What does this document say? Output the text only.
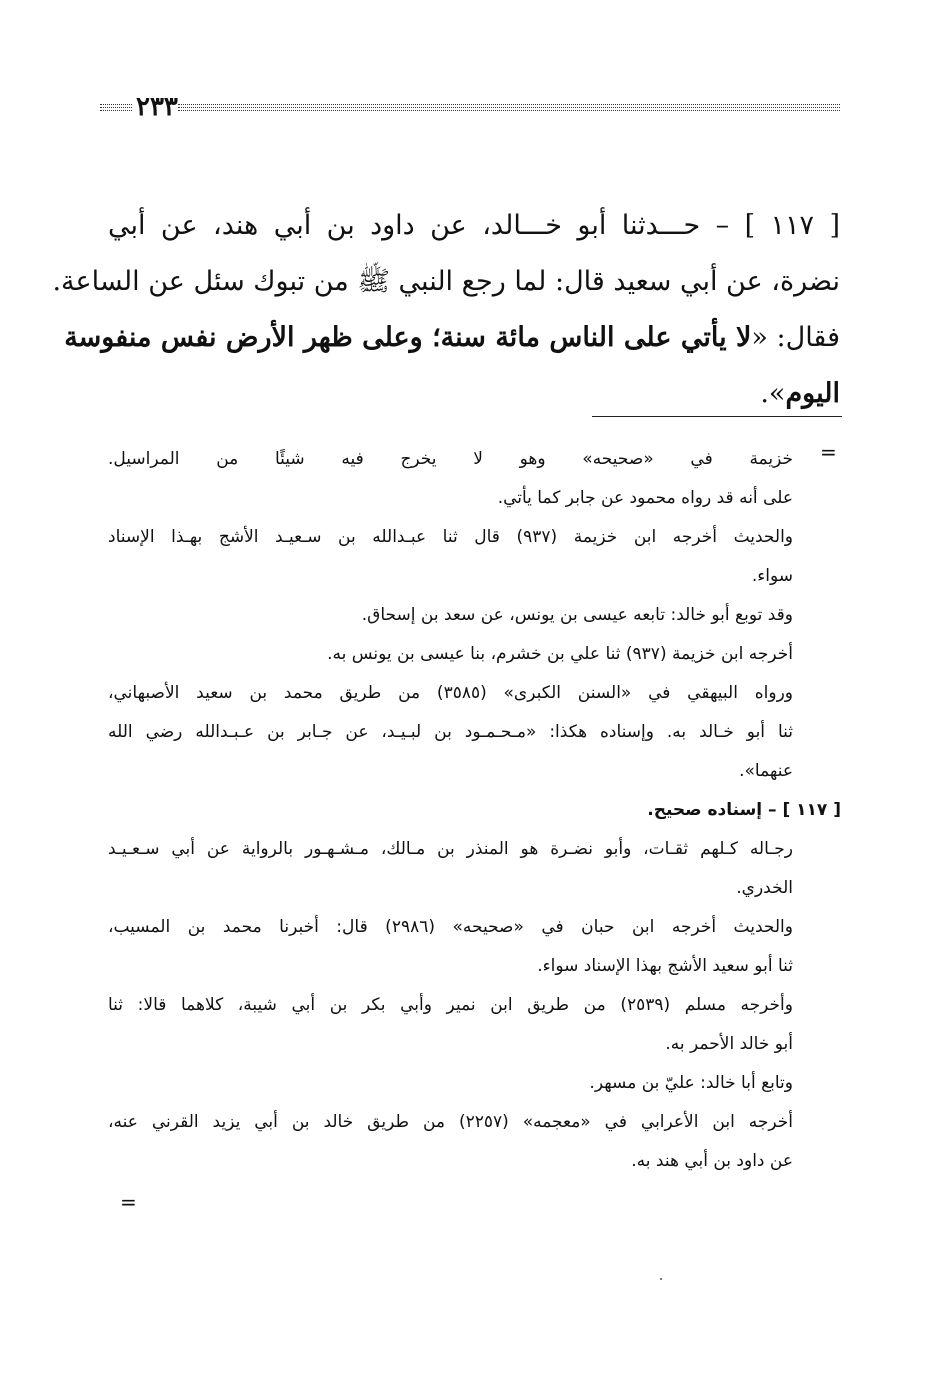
٢٣٣
[ ١١٧ ] – حـــدثنا أبو خـــالد، عن داود بن أبي هند، عن أبي
نضرة، عن أبي سعيد قال: لما رجع النبي ﷺ من تبوك سئل عن الساعة.
فقال: «لا يأتي على الناس مائة سنة؛ وعلى ظهر الأرض نفس منفوسة
اليوم».
=
خزيمة في «صحيحه» وهو لا يخرج فيه شيئًا من المراسيل.
على أنه قد رواه محمود عن جابر كما يأتي.
والحديث أخرجه ابن خزيمة (٩٣٧) قال ثنا عبـدالله بن سـعيـد الأشج بهـذا الإسناد
سواء.
وقد توبع أبو خالد: تابعه عيسى بن يونس، عن سعد بن إسحاق.
أخرجه ابن خزيمة (٩٣٧) ثنا علي بن خشرم، بنا عيسى بن يونس به.
ورواه البيهقي في «السنن الكبرى» (٣٥٨٥) من طريق محمد بن سعيد الأصبهاني،
ثنا أبو خـالد به. وإسناده هكذا: «مـحـمـود بن لبـيـد، عن جـابر بن عـبـدالله رضي الله
عنهما».
[ ١١٧ ] – إسناده صحيح.
رجـاله كـلهم ثقـات، وأبو نضـرة هو المنذر بن مـالك، مـشـهـور بالرواية عن أبي سـعـيـد
الخدري.
والحديث أخرجه ابن حبان في «صحيحه» (٢٩٨٦) قال: أخبرنا محمد بن المسيب،
ثنا أبو سعيد الأشج بهذا الإسناد سواء.
وأخرجه مسلم (٢٥٣٩) من طريق ابن نمير وأبي بكر بن أبي شيبة، كلاهما قالا: ثنا
أبو خالد الأحمر به.
وتابع أبا خالد: عليّ بن مسهر.
أخرجه ابن الأعرابي في «معجمه» (٢٢٥٧) من طريق خالد بن أبي يزيد القرني عنه،
عن داود بن أبي هند به.
=
